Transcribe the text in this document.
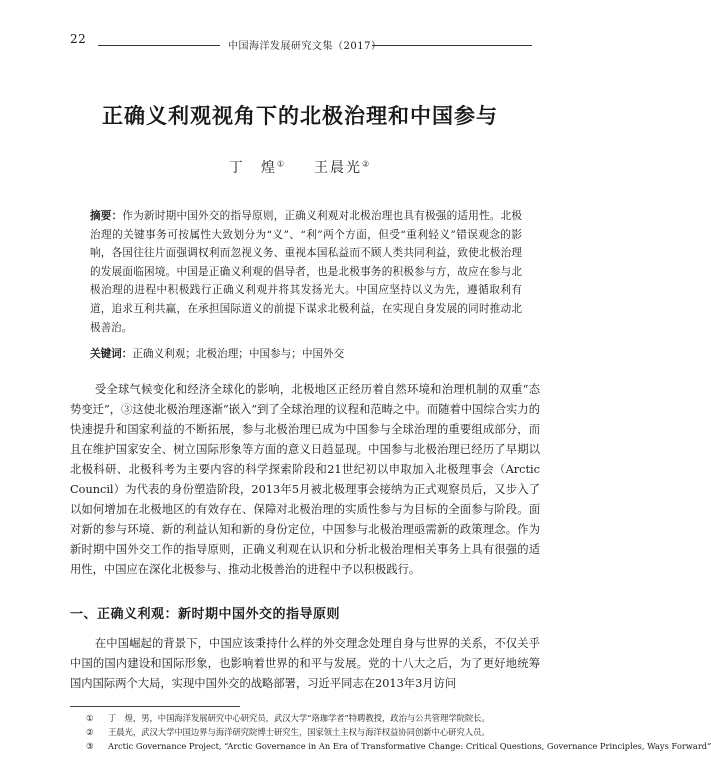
22
中国海洋发展研究文集（2017）
正确义利观视角下的北极治理和中国参与
丁　煌① 王晨光②
摘要：作为新时期中国外交的指导原则，正确义利观对北极治理也具有极强的适用性。北极治理的关键事务可按属性大致划分为“义”、“利”两个方面，但受“重利轻义”错误观念的影响，各国往往片面强调权利而忽视义务、重视本国私益而不顾人类共同利益，致使北极治理的发展面临困境。中国是正确义利观的倡导者，也是北极事务的积极参与方，故应在参与北极治理的进程中积极践行正确义利观并将其发扬光大。中国应坚持以义为先，遵循取利有道，追求互利共赢，在承担国际道义的前提下谋求北极利益，在实现自身发展的同时推动北极善治。
关键词：正确义利观；北极治理；中国参与；中国外交
受全球气候变化和经济全球化的影响，北极地区正经历着自然环境和治理机制的双重“态势变迁”，③这使北极治理逐渐“嵌入”到了全球治理的议程和范畴之中。而随着中国综合实力的快速提升和国家利益的不断拓展，参与北极治理已成为中国参与全球治理的重要组成部分，而且在维护国家安全、树立国际形象等方面的意义日趋显现。中国参与北极治理已经历了早期以北极科研、北极科考为主要内容的科学探索阶段和21世纪初以申取加入北极理事会（Arctic Council）为代表的身份塑造阶段，2013年5月被北极理事会接纳为正式观察员后，又步入了以如何增加在北极地区的有效存在、保障对北极治理的实质性参与为目标的全面参与阶段。面对新的参与环境、新的利益认知和新的身份定位，中国参与北极治理亟需新的政策理念。作为新时期中国外交工作的指导原则，正确义利观在认识和分析北极治理相关事务上具有很强的适用性，中国应在深化北极参与、推动北极善治的进程中予以积极践行。
一、正确义利观：新时期中国外交的指导原则
在中国崛起的背景下，中国应该秉持什么样的外交理念处理自身与世界的关系，不仅关乎中国的国内建设和国际形象，也影响着世界的和平与发展。党的十八大之后，为了更好地统筹国内国际两个大局，实现中国外交的战略部署，习近平同志在2013年3月访问
① 丁　煌，男，中国海洋发展研究中心研究员，武汉大学“珞珈学者”特聘教授，政治与公共管理学院院长。
② 王晨光，武汉大学中国边界与海洋研究院博士研究生，国家领土主权与海洋权益协同创新中心研究人员。
③ Arctic Governance Project, “Arctic Governance in An Era of Transformative Change: Critical Questions, Governance Principles, Ways Forward”
